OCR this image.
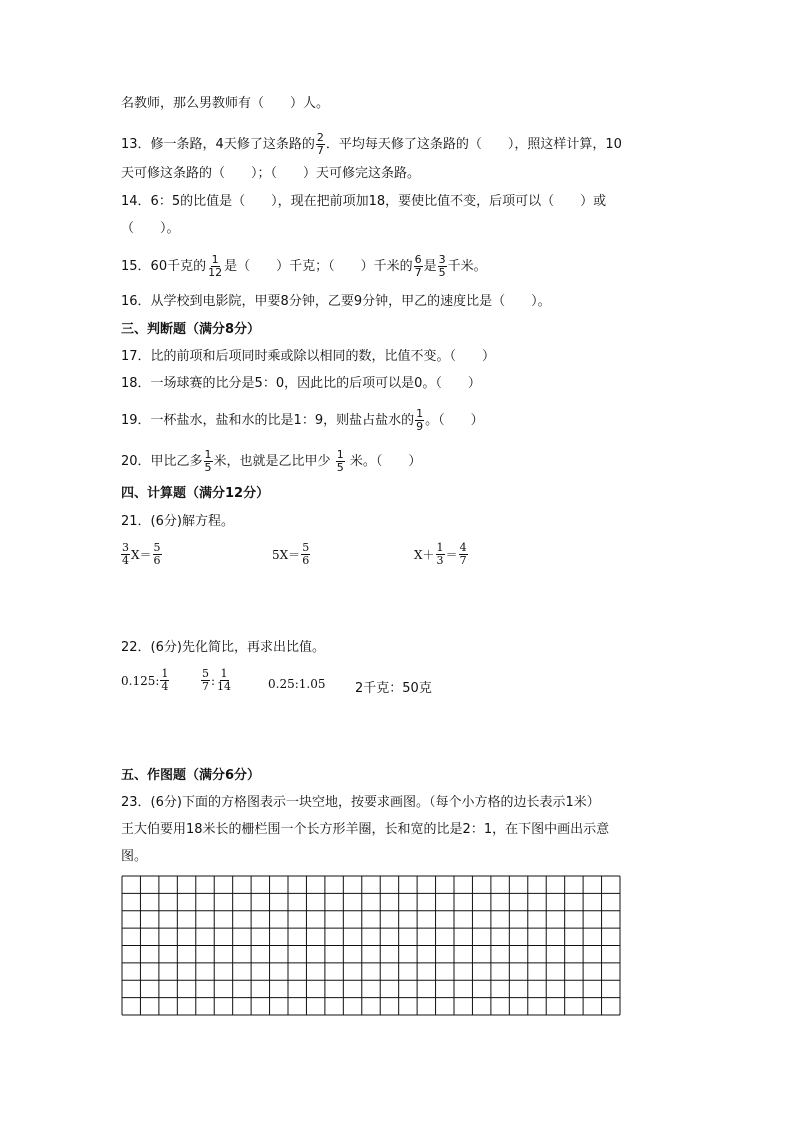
名教师，那么男教师有（　　）人。
13．修一条路，4天修了这条路的 $\frac{2}{7}$ ．平均每天修了这条路的（　　），照这样计算，10
天可修这条路的（　　）；（　　）天可修完这条路。
14．6：5的比值是（　　），现在把前项加18，要使比值不变，后项可以（　　）或
（　　）。
15．60千克的 $\frac{1}{12}$ 是（　　）千克；（　　）千米的 $\frac{6}{7}$ 是 $\frac{3}{5}$ 千米。
16．从学校到电影院，甲要8分钟，乙要9分钟，甲乙的速度比是（　　）。
三、判断题（满分8分）
17．比的前项和后项同时乘或除以相同的数，比值不变。（　　）
18．一场球赛的比分是5：0，因此比的后项可以是0。（　　）
19．一杯盐水，盐和水的比是1：9，则盐占盐水的 $\frac{1}{9}$ 。（　　）
20．甲比乙多 $\frac{1}{5}$ 米，也就是乙比甲少 $\frac{1}{5}$ 米。（　　）
四、计算题（满分12分）
21．(6分)解方程。
$\frac{3}{4} X= \frac{5}{6}$	$5X= \frac{5}{6}$	$X+ \frac{1}{3} = \frac{4}{7}$
22．(6分)先化简比，再求出比值。
0.125: $\frac{1}{4}$	$\frac{5}{7}$ : $\frac{1}{14}$	0.25:1.05 2千克：50克
五、作图题（满分6分）
23．(6分)下面的方格图表示一块空地，按要求画图。（每个小方格的边长表示1米）
王大伯要用18米长的栅栏围一个长方形羊圈，长和宽的比是2：1，在下图中画出示意
图。
